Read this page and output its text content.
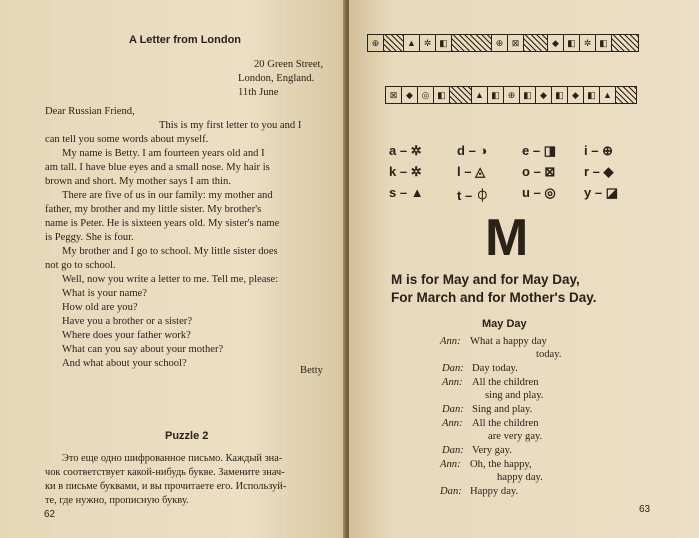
A Letter from London
20 Green Street,
London, England.
11th June
Dear Russian Friend,
This is my first letter to you and I
can tell you some words about myself.
My name is Betty. I am fourteen years old and I
am tall. I have blue eyes and a small nose. My hair is
brown and short. My mother says I am thin.
There are five of us in our family: my mother and
father, my brother and my little sister. My brother's
name is Peter. He is sixteen years old. My sister's name
is Peggy. She is four.
My brother and I go to school. My little sister does
not go to school.
Well, now you write a letter to me. Tell me, please:
What is your name?
How old are you?
Have you a brother or a sister?
Where does your father work?
What can you say about your mother?
And what about your school?
Betty
Puzzle 2
Это еще одно шифрованное письмо. Каждый зна-
чок соответствует какой-нибудь букве. Замените знач-
ки в письме буквами, и вы прочитаете его. Используй-
те, где нужно, прописную букву.
62
⊕	▲ ✲ ◧	⊕ ⊠	◆ ◧ ✲ ◧
⊠ ◆ ◎ ◧	▲ ◧ ⊕ ◧ ◆ ◧ ◆ ◧ ▲
a – ✲	d – ◑	e – ◨ i – ⊕
k – ✲	l – ◬	o – ⊠ r – ◆
s – ▲	t – ⏀	u – ◎ y – ◪
M
M is for May and for May Day,
For March and for Mother's Day.
May Day
Ann: What a happy day
today.
Dan: Day today.
Ann: All the children
sing and play.
Dan: Sing and play.
Ann: All the children
are very gay.
Dan: Very gay.
Ann: Oh, the happy,
happy day.
Dan: Happy day.
63
